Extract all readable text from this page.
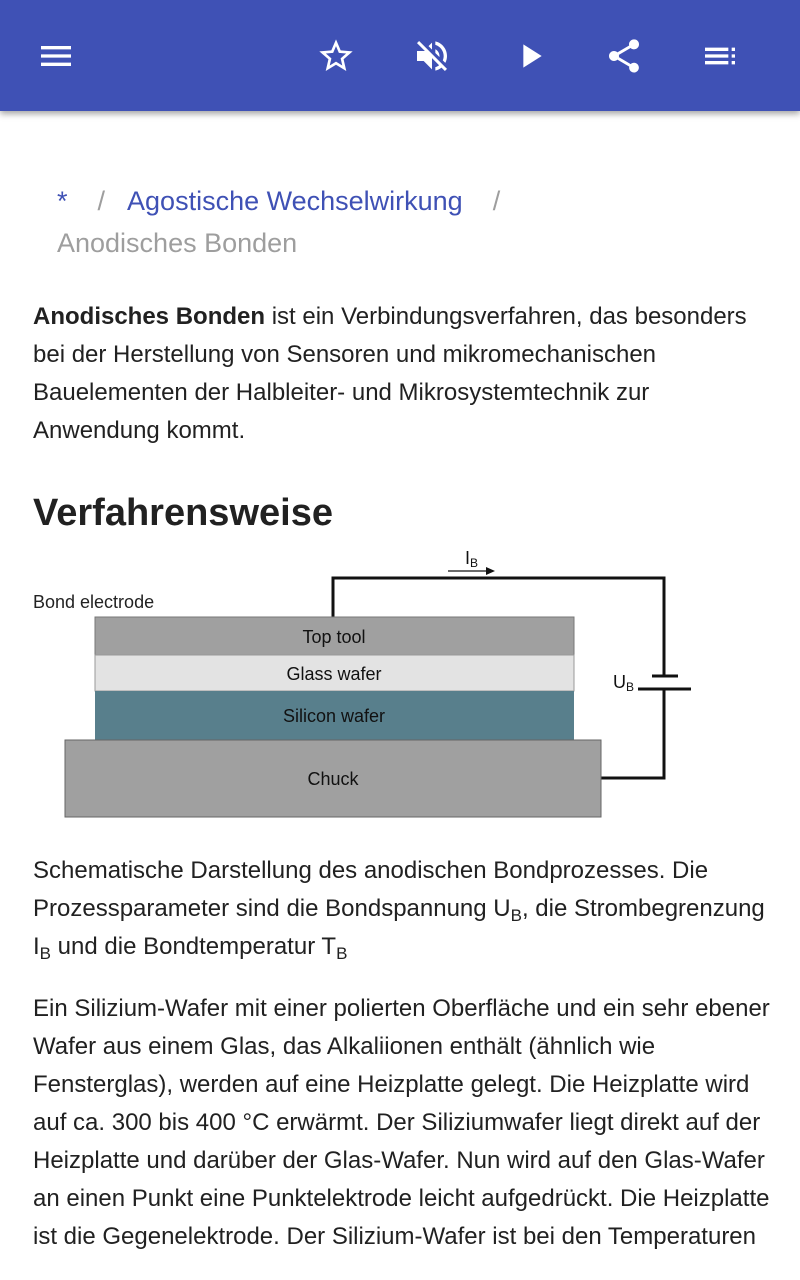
* / Agostische Wechselwirkung /
Anodisches Bonden

Anodisches Bonden ist ein Verbindungsverfahren, das besonders bei der Herstellung von Sensoren und mikromechanischen Bauelementen der Halbleiter- und Mikrosystemtechnik zur Anwendung kommt.

Verfahrensweise
Bond electrode
Top tool
Glass wafer
Silicon wafer
Chuck
IB
UB

Schematische Darstellung des anodischen Bondprozesses. Die Prozessparameter sind die Bondspannung $U_B$, die Strombegrenzung $I_B$ und die Bondtemperatur $T_B$

Ein Silizium-Wafer mit einer polierten Oberfläche und ein sehr ebener Wafer aus einem Glas, das Alkaliionen enthält (ähnlich wie Fensterglas), werden auf eine Heizplatte gelegt. Die Heizplatte wird auf ca. 300 bis 400 °C erwärmt. Der Siliziumwafer liegt direkt auf der Heizplatte und darüber der Glas-Wafer. Nun wird auf den Glas-Wafer an einen Punkt eine Punktelektrode leicht aufgedrückt. Die Heizplatte ist die Gegenelektrode. Der Silizium-Wafer ist bei den Temperaturen
